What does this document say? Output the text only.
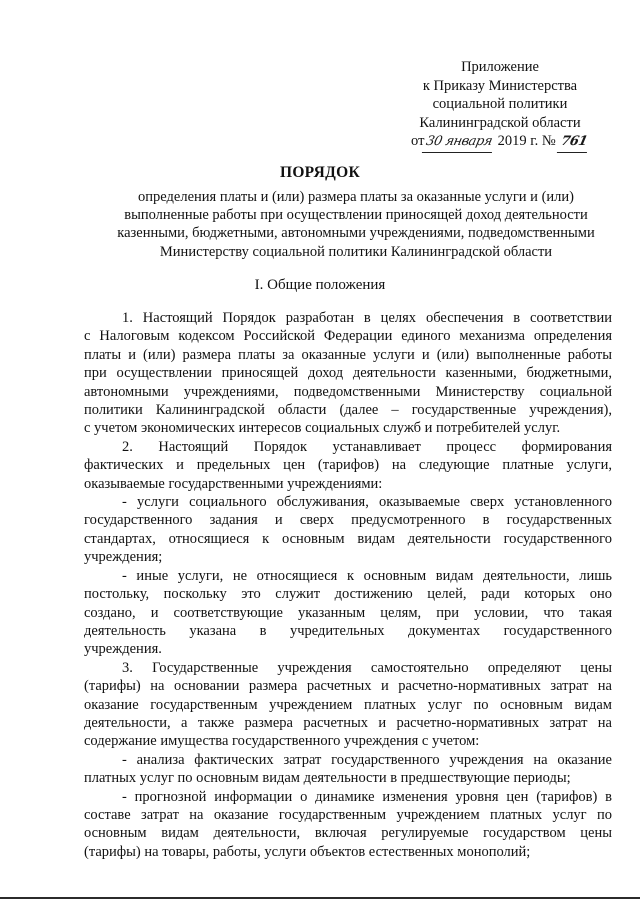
Приложение
к Приказу Министерства
социальной политики
Калининградской области
от30 января 2019 г. № 761
ПОРЯДОК
определения платы и (или) размера платы за оказанные услуги и (или)
выполненные работы при осуществлении приносящей доход деятельности
казенными, бюджетными, автономными учреждениями, подведомственными
Министерству социальной политики Калининградской области
I. Общие положения

1. Настоящий Порядок разработан в целях обеспечения в соответствии
с Налоговым кодексом Российской Федерации единого механизма определения
платы и (или) размера платы за оказанные услуги и (или) выполненные работы
при осуществлении приносящей доход деятельности казенными, бюджетными,
автономными учреждениями, подведомственными Министерству социальной
политики Калининградской области (далее – государственные учреждения),
с учетом экономических интересов социальных служб и потребителей услуг.

2. Настоящий Порядок устанавливает процесс формирования
фактических и предельных цен (тарифов) на следующие платные услуги,
оказываемые государственными учреждениями:

- услуги социального обслуживания, оказываемые сверх установленного
государственного задания и сверх предусмотренного в государственных
стандартах, относящиеся к основным видам деятельности государственного
учреждения;

- иные услуги, не относящиеся к основным видам деятельности, лишь
постольку, поскольку это служит достижению целей, ради которых оно
создано, и соответствующие указанным целям, при условии, что такая
деятельность указана в учредительных документах государственного
учреждения.

3. Государственные учреждения самостоятельно определяют цены
(тарифы) на основании размера расчетных и расчетно-нормативных затрат на
оказание государственным учреждением платных услуг по основным видам
деятельности, а также размера расчетных и расчетно-нормативных затрат на
содержание имущества государственного учреждения с учетом:

- анализа фактических затрат государственного учреждения на оказание
платных услуг по основным видам деятельности в предшествующие периоды;

- прогнозной информации о динамике изменения уровня цен (тарифов) в
составе затрат на оказание государственным учреждением платных услуг по
основным видам деятельности, включая регулируемые государством цены
(тарифы) на товары, работы, услуги объектов естественных монополий;
